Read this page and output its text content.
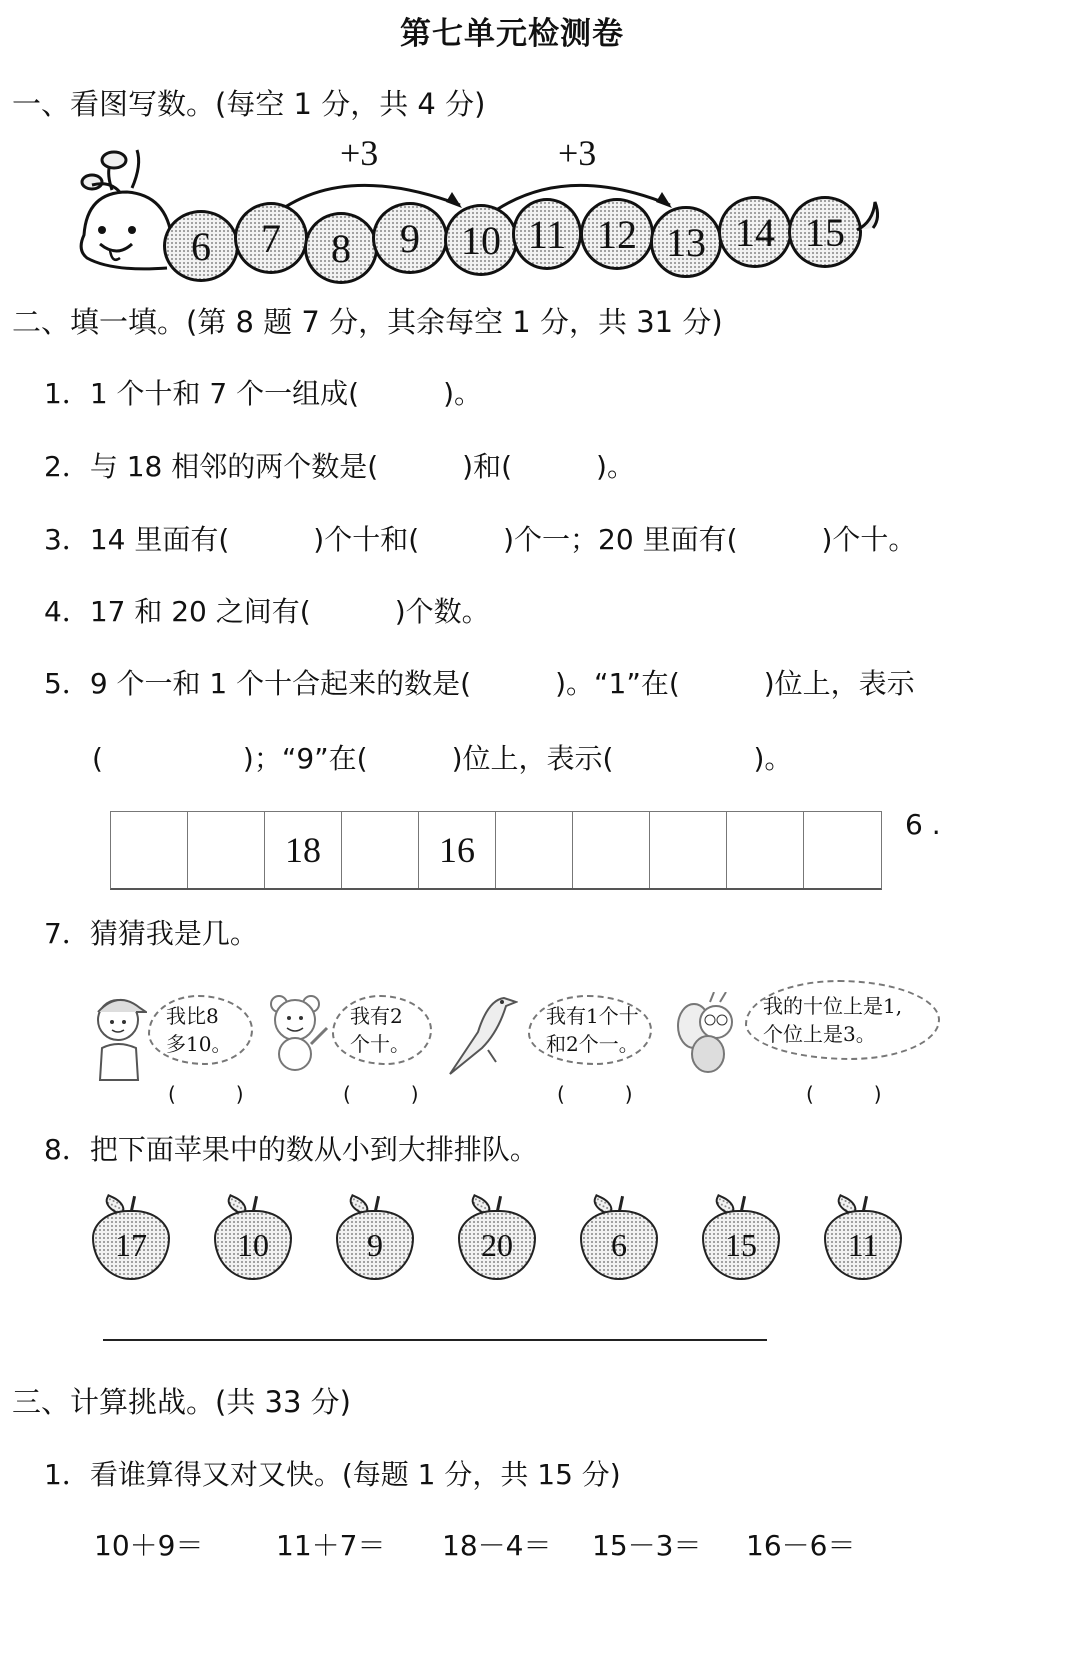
第七单元检测卷
一、看图写数。(每空 1 分，共 4 分)
+3	+3
6 7 8 9 10 11 12 13 14 15
二、填一填。(第 8 题 7 分，其余每空 1 分，共 31 分)
1．1 个十和 7 个一组成(　　　)。
2．与 18 相邻的两个数是(　　　)和(　　　)。
3．14 里面有(　　　)个十和(　　　)个一；20 里面有(　　　)个十。
4．17 和 20 之间有(　　　)个数。
5．9 个一和 1 个十合起来的数是(　　　)。“1”在(　　　)位上，表示
(　　　　　)；“9”在(　　　)位上，表示(　　　　　)。
18	16
6 .
7．猜猜我是几。
我比8
多10。
(　　　)
我有2
个十。
(　　　)
我有1个十
和2个一。
(　　　)
我的十位上是1,
个位上是3。
(　　　)
8．把下面苹果中的数从小到大排排队。
17	10	9	20	6	15	11
三、计算挑战。(共 33 分)
1．看谁算得又对又快。(每题 1 分，共 15 分)
10＋9＝	11＋7＝ 18－4＝ 15－3＝ 16－6＝
